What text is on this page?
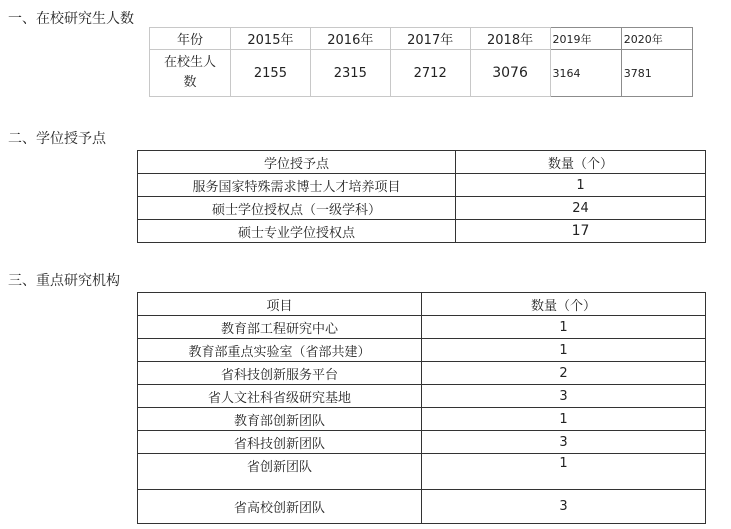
一、在校研究生人数
年份	2015年	2016年	2017年	2018年	2019年	2020年
在校生人数	2155	2315	2712	3076	3164	3781
二、学位授予点
学位授予点	数量（个）
服务国家特殊需求博士人才培养项目	1
硕士学位授权点（一级学科）	24
硕士专业学位授权点	17
三、重点研究机构
项目	数量（个）
教育部工程研究中心	1
教育部重点实验室（省部共建）	1
省科技创新服务平台	2
省人文社科省级研究基地	3
教育部创新团队	1
省科技创新团队	3
省创新团队	1
省高校创新团队	3
